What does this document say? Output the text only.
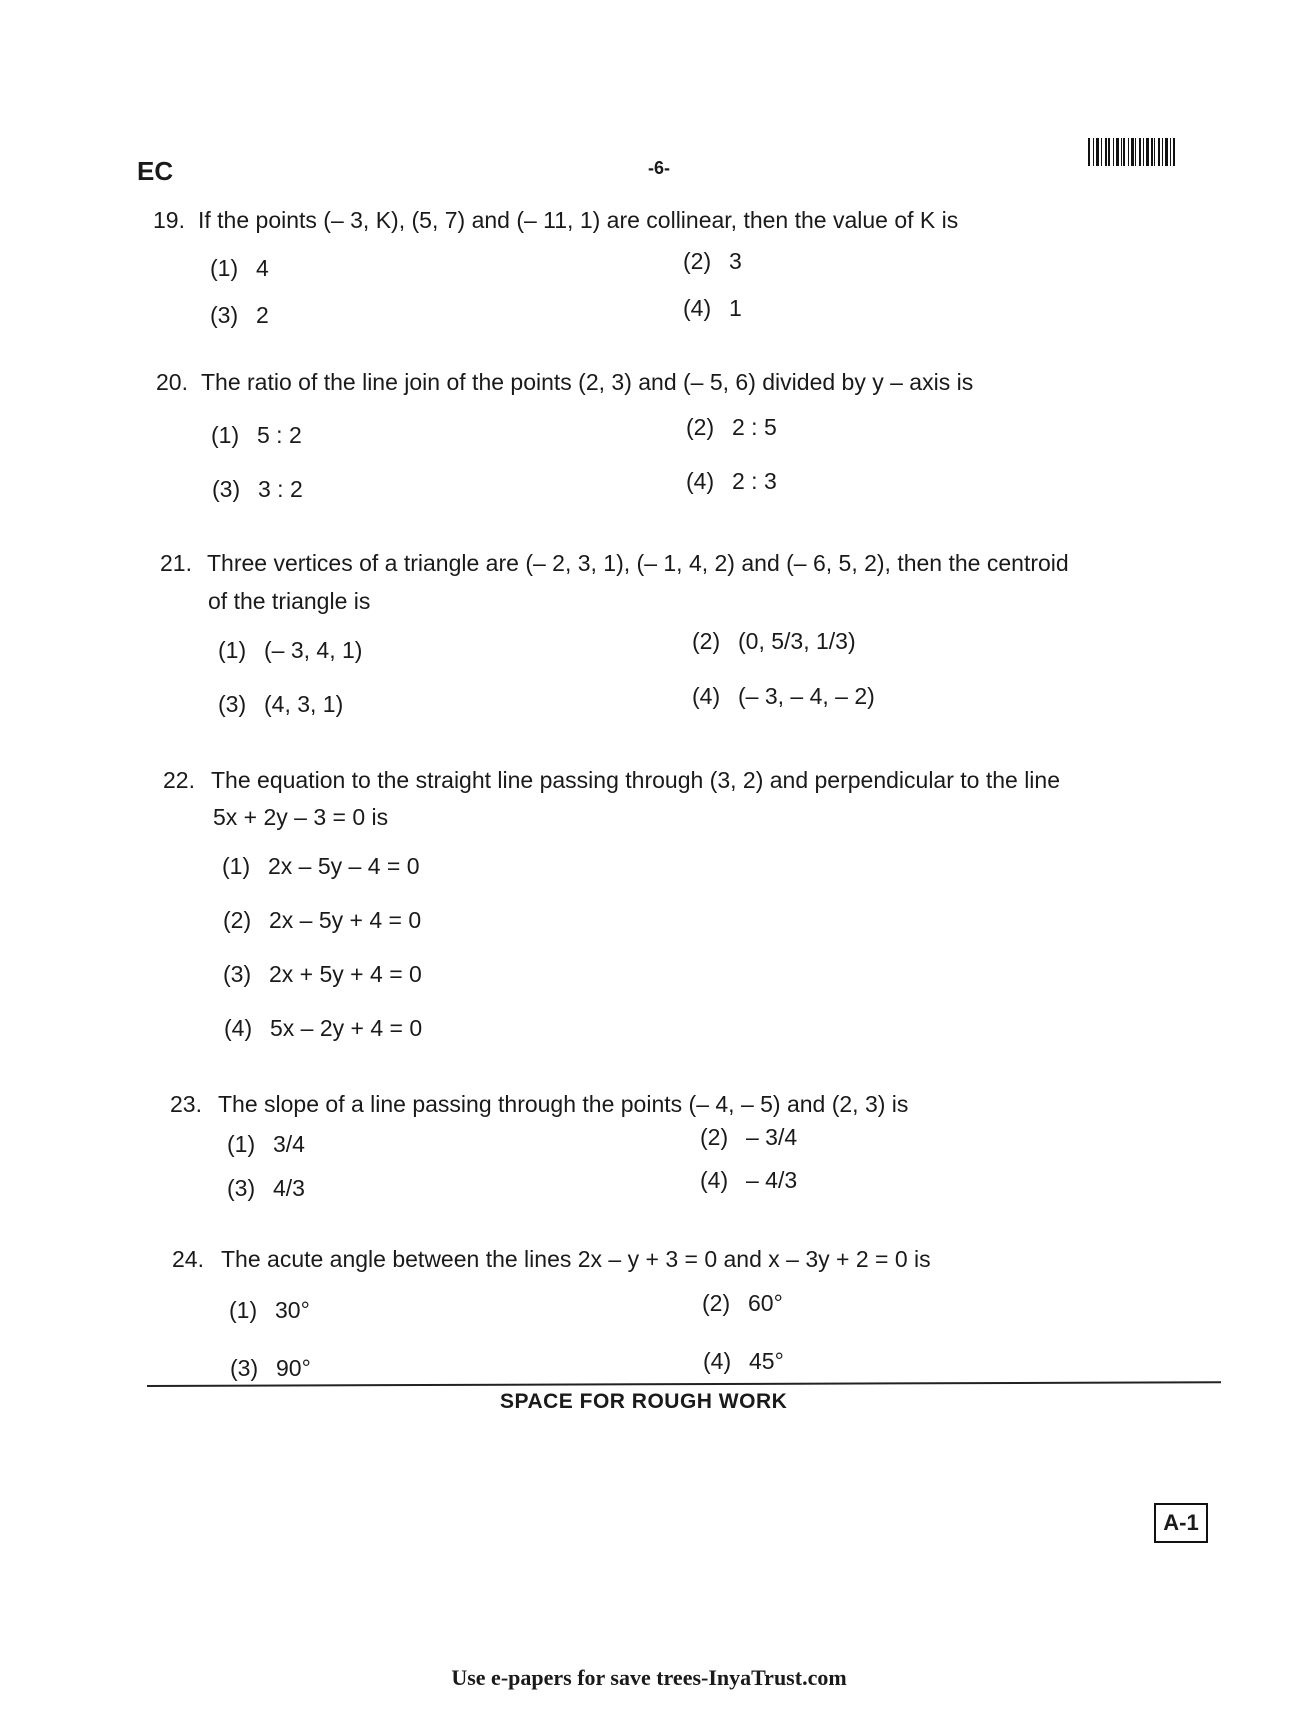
EC	-6-
19. If the points (– 3, K), (5, 7) and (– 11, 1) are collinear, then the value of K is
(1) 4	(2) 3
(3) 2	(4) 1
20. The ratio of the line join of the points (2, 3) and (– 5, 6) divided by y – axis is
(1) 5 : 2	(2) 2 : 5
(3) 3 : 2	(4) 2 : 3
21. Three vertices of a triangle are (– 2, 3, 1), (– 1, 4, 2) and (– 6, 5, 2), then the centroid
of the triangle is
(1) (– 3, 4, 1)	(2) (0, 5/3, 1/3)
(3) (4, 3, 1)	(4) (– 3, – 4, – 2)
22. The equation to the straight line passing through (3, 2) and perpendicular to the line
5x + 2y – 3 = 0 is
(1) 2x – 5y – 4 = 0
(2) 2x – 5y + 4 = 0
(3) 2x + 5y + 4 = 0
(4) 5x – 2y + 4 = 0
23. The slope of a line passing through the points (– 4, – 5) and (2, 3) is
(1) 3/4	(2) – 3/4
(3) 4/3	(4) – 4/3
24. The acute angle between the lines 2x – y + 3 = 0 and x – 3y + 2 = 0 is
(1) 30°	(2) 60°
(3) 90°	(4) 45°
SPACE FOR ROUGH WORK
A-1
Use e-papers for save trees-InyaTrust.com
